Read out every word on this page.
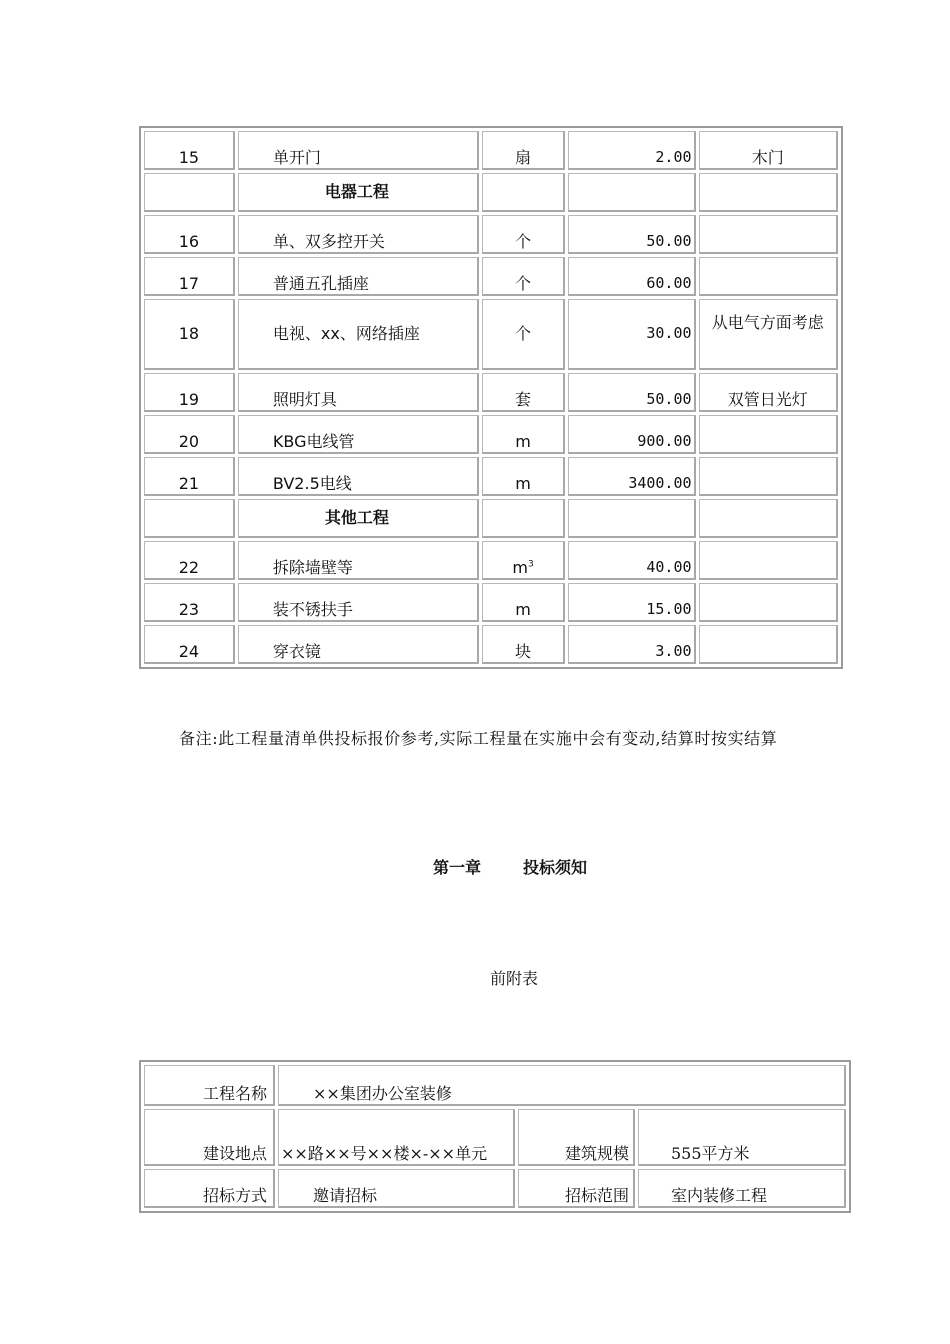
15	单开门	扇	2.00	木门
	电器工程			
16	单、双多控开关	个	50.00	
17	普通五孔插座	个	60.00	
18	电视、xx、网络插座	个	30.00	从电气方面考虑
19	照明灯具	套	50.00	双管日光灯
20	KBG电线管	m	900.00	
21	BV2.5电线	m	3400.00	
	其他工程			
22	拆除墙壁等	$m^3$	40.00	
23	装不锈扶手	m	15.00	
24	穿衣镜	块	3.00	

备注:此工程量清单供投标报价参考,实际工程量在实施中会有变动,结算时按实结算

第一章	投标须知
前附表
工程名称	××集团办公室装修		
建设地点	××路××号××楼×-××单元	建筑规模	555平方米
招标方式	邀请招标	招标范围	室内装修工程
